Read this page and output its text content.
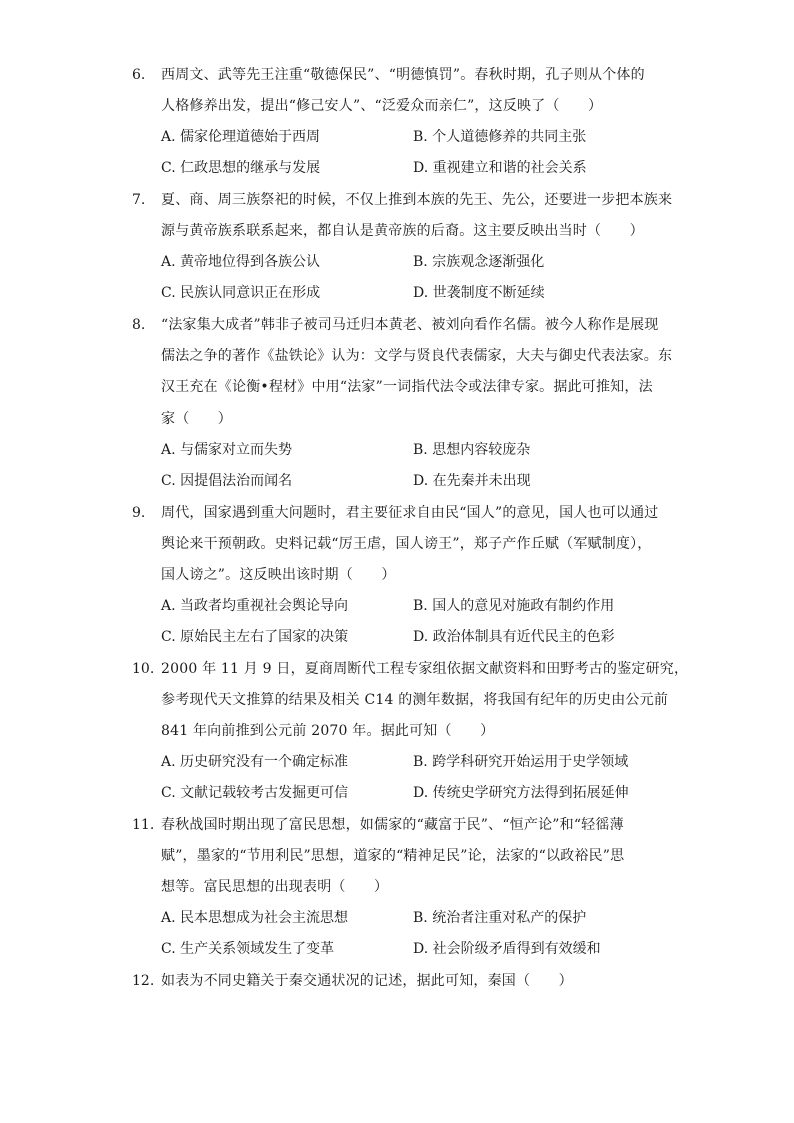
6.	西周文、武等先王注重“敬德保民”、“明德慎罚”。春秋时期，孔子则从个体的
人格修养出发，提出“修己安人”、“泛爱众而亲仁”，这反映了（　　）
A. 儒家伦理道德始于西周	B. 个人道德修养的共同主张
C. 仁政思想的继承与发展	D. 重视建立和谐的社会关系
7.	夏、商、周三族祭祀的时候，不仅上推到本族的先王、先公，还要进一步把本族来
源与黄帝族系联系起来，都自认是黄帝族的后裔。这主要反映出当时（　　）
A. 黄帝地位得到各族公认	B. 宗族观念逐渐强化
C. 民族认同意识正在形成	D. 世袭制度不断延续
8.	“法家集大成者”韩非子被司马迁归本黄老、被刘向看作名儒。被今人称作是展现
儒法之争的著作《盐铁论》认为：文学与贤良代表儒家，大夫与御史代表法家。东
汉王充在《论衡•程材》中用“法家”一词指代法令或法律专家。据此可推知，法
家（　　）
A. 与儒家对立而失势	B. 思想内容较庞杂
C. 因提倡法治而闻名	D. 在先秦并未出现
9.	周代，国家遇到重大问题时，君主要征求自由民“国人”的意见，国人也可以通过
舆论来干预朝政。史料记载“厉王虐，国人谤王”，郑子产作丘赋（军赋制度），
国人谤之”。这反映出该时期（　　）
A. 当政者均重视社会舆论导向	B. 国人的意见对施政有制约作用
C. 原始民主左右了国家的决策	D. 政治体制具有近代民主的色彩
10. 2000 年 11 月 9 日，夏商周断代工程专家组依据文献资料和田野考古的鉴定研究，
参考现代天文推算的结果及相关 C14 的测年数据，将我国有纪年的历史由公元前
841 年向前推到公元前 2070 年。据此可知（　　）
A. 历史研究没有一个确定标准	B. 跨学科研究开始运用于史学领域
C. 文献记载较考古发掘更可信	D. 传统史学研究方法得到拓展延伸
11. 春秋战国时期出现了富民思想，如儒家的“藏富于民”、“恒产论”和“轻徭薄
赋”，墨家的“节用利民”思想，道家的“精神足民”论，法家的“以政裕民”思
想等。富民思想的出现表明（　　）
A. 民本思想成为社会主流思想	B. 统治者注重对私产的保护
C. 生产关系领域发生了变革	D. 社会阶级矛盾得到有效缓和
12. 如表为不同史籍关于秦交通状况的记述，据此可知，秦国（　　）
